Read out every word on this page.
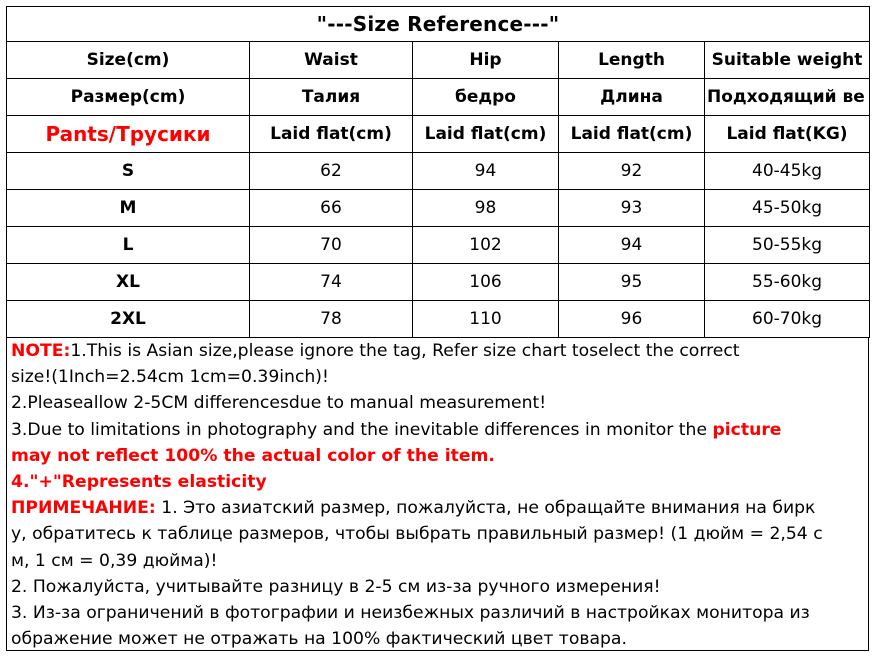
"---Size Reference---"				
Size(cm)	Waist	Hip	Length	Suitable weight
Размер(cm)	Талия	бедро	Длина	Подходящий ве
Pants/Трусики	Laid flat(cm)	Laid flat(cm)	Laid flat(cm)	Laid flat(KG)
S	62	94	92	40-45kg
M	66	98	93	45-50kg
L	70	102	94	50-55kg
XL	74	106	95	55-60kg
2XL	78	110	96	60-70kg
NOTE:1.This is Asian size,please ignore the tag, Refer size chart toselect the correct
size!(1Inch=2.54cm 1cm=0.39inch)!
2.Pleaseallow 2-5CM differencesdue to manual measurement!
3.Due to limitations in photography and the inevitable differences in monitor the picture
may not reflect 100% the actual color of the item.
4."+"Represents elasticity
ПРИМЕЧАНИЕ: 1. Это азиатский размер, пожалуйста, не обращайте внимания на бирк
у, обратитесь к таблице размеров, чтобы выбрать правильный размер! (1 дюйм = 2,54 с
м, 1 см = 0,39 дюйма)!
2. Пожалуйста, учитывайте разницу в 2-5 см из-за ручного измерения!
3. Из-за ограничений в фотографии и неизбежных различий в настройках монитора из
ображение может не отражать на 100% фактический цвет товара.
